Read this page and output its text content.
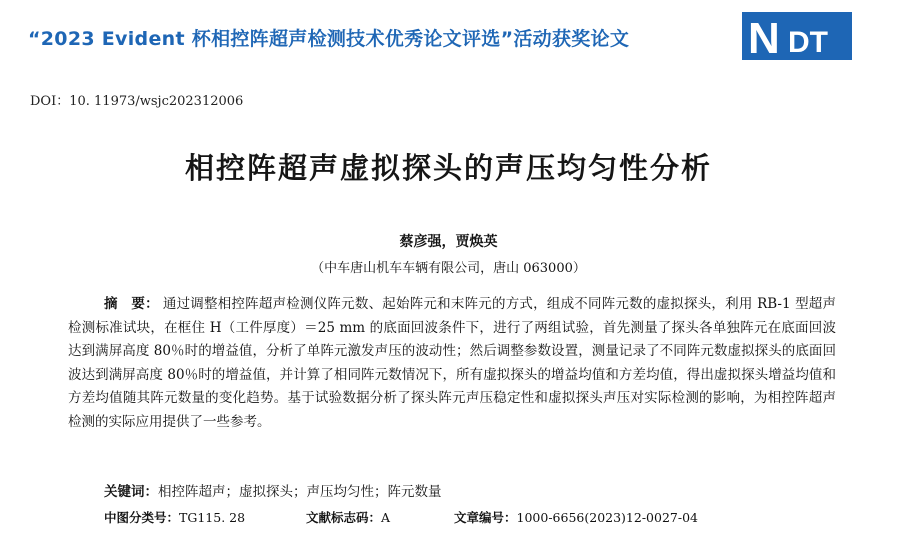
“2023 Evident 杯相控阵超声检测技术优秀论文评选”活动获奖论文	N DT
DOI：10. 11973/wsjc202312006
相控阵超声虚拟探头的声压均匀性分析
蔡彦强，贾焕英
（中车唐山机车车辆有限公司，唐山 063000）
摘　要： 通过调整相控阵超声检测仪阵元数、起始阵元和末阵元的方式，组成不同阵元数的虚拟探头，利用 RB-1 型超声检测标准试块，在框住 H（工件厚度）＝25 mm 的底面回波条件下，进行了两组试验，首先测量了探头各单独阵元在底面回波达到满屏高度 80％时的增益值，分析了单阵元激发声压的波动性；然后调整参数设置，测量记录了不同阵元数虚拟探头的底面回波达到满屏高度 80％时的增益值，并计算了相同阵元数情况下，所有虚拟探头的增益均值和方差均值，得出虚拟探头增益均值和方差均值随其阵元数量的变化趋势。基于试验数据分析了探头阵元声压稳定性和虚拟探头声压对实际检测的影响，为相控阵超声检测的实际应用提供了一些参考。
关键词：相控阵超声；虚拟探头；声压均匀性；阵元数量
中图分类号：TG115. 28	文献标志码：A	文章编号：1000-6656(2023)12-0027-04
